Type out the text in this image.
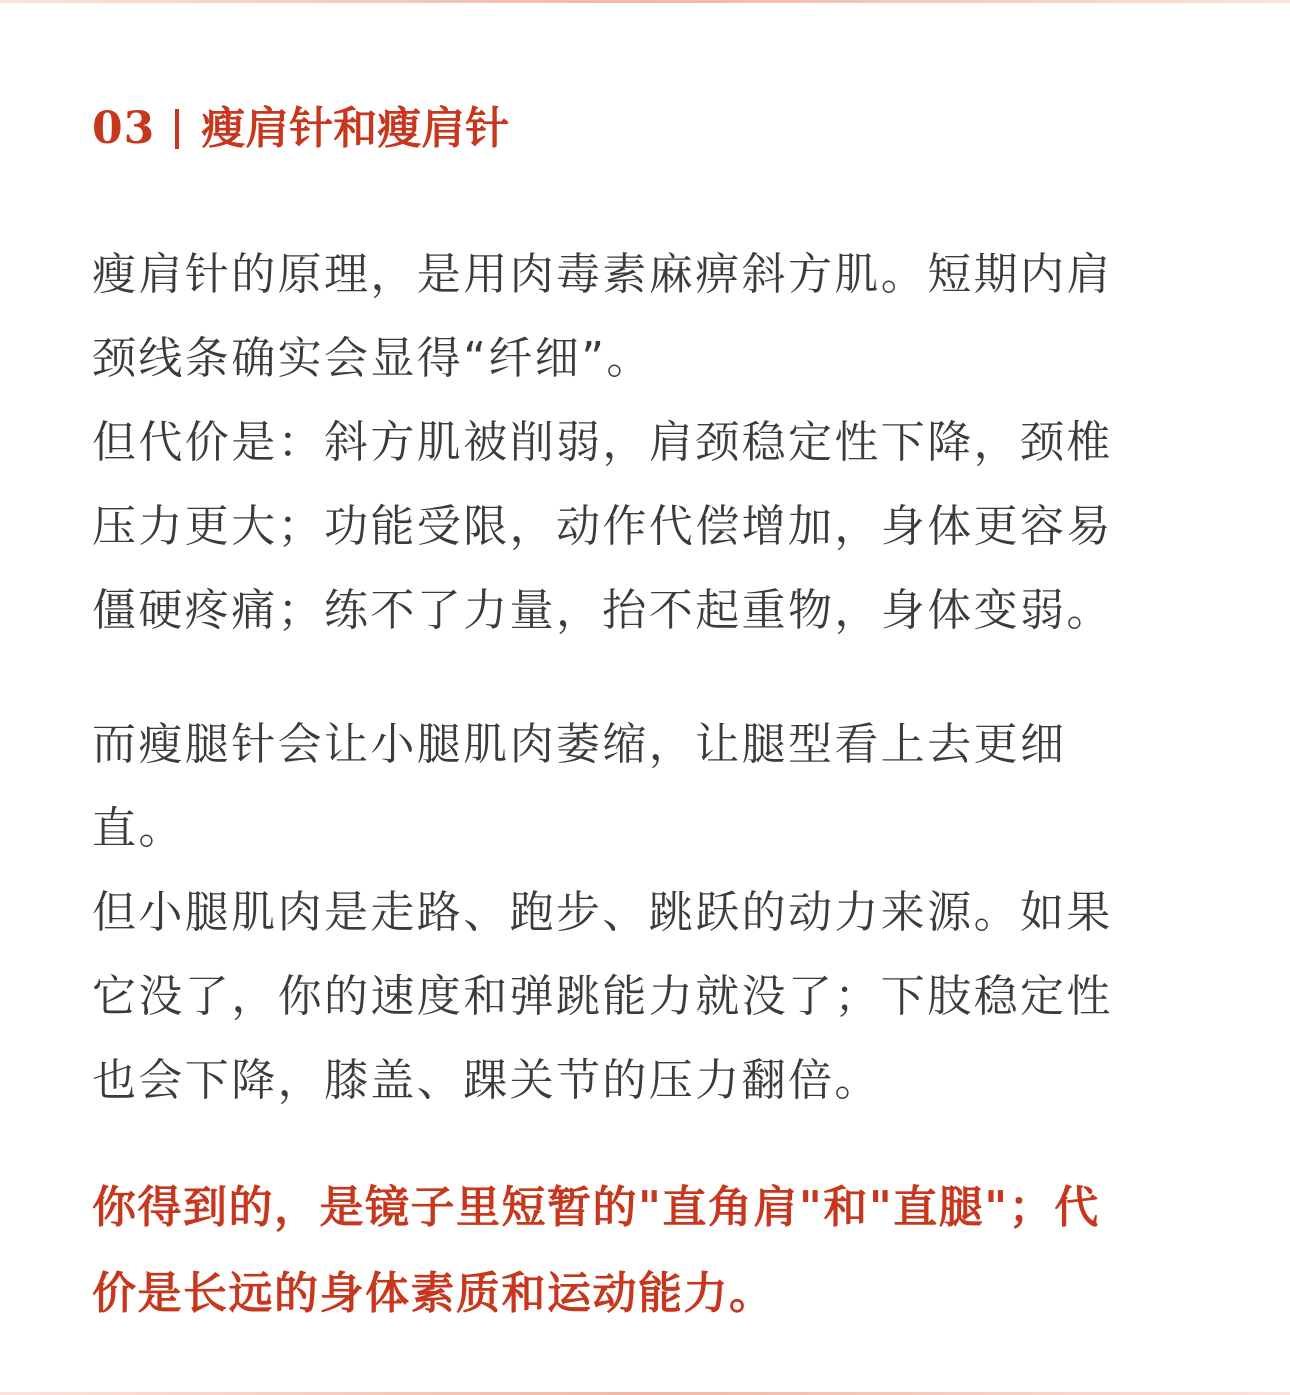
03 瘦肩针和瘦肩针

瘦肩针的原理，是用肉毒素麻痹斜方肌。短期内肩
颈线条确实会显得“纤细”。
但代价是：斜方肌被削弱，肩颈稳定性下降，颈椎
压力更大；功能受限，动作代偿增加，身体更容易
僵硬疼痛；练不了力量，抬不起重物，身体变弱。

而瘦腿针会让小腿肌肉萎缩，让腿型看上去更细
直。
但小腿肌肉是走路、跑步、跳跃的动力来源。如果
它没了，你的速度和弹跳能力就没了；下肢稳定性
也会下降，膝盖、踝关节的压力翻倍。

你得到的，是镜子里短暂的"直角肩"和"直腿"；代
价是长远的身体素质和运动能力。
